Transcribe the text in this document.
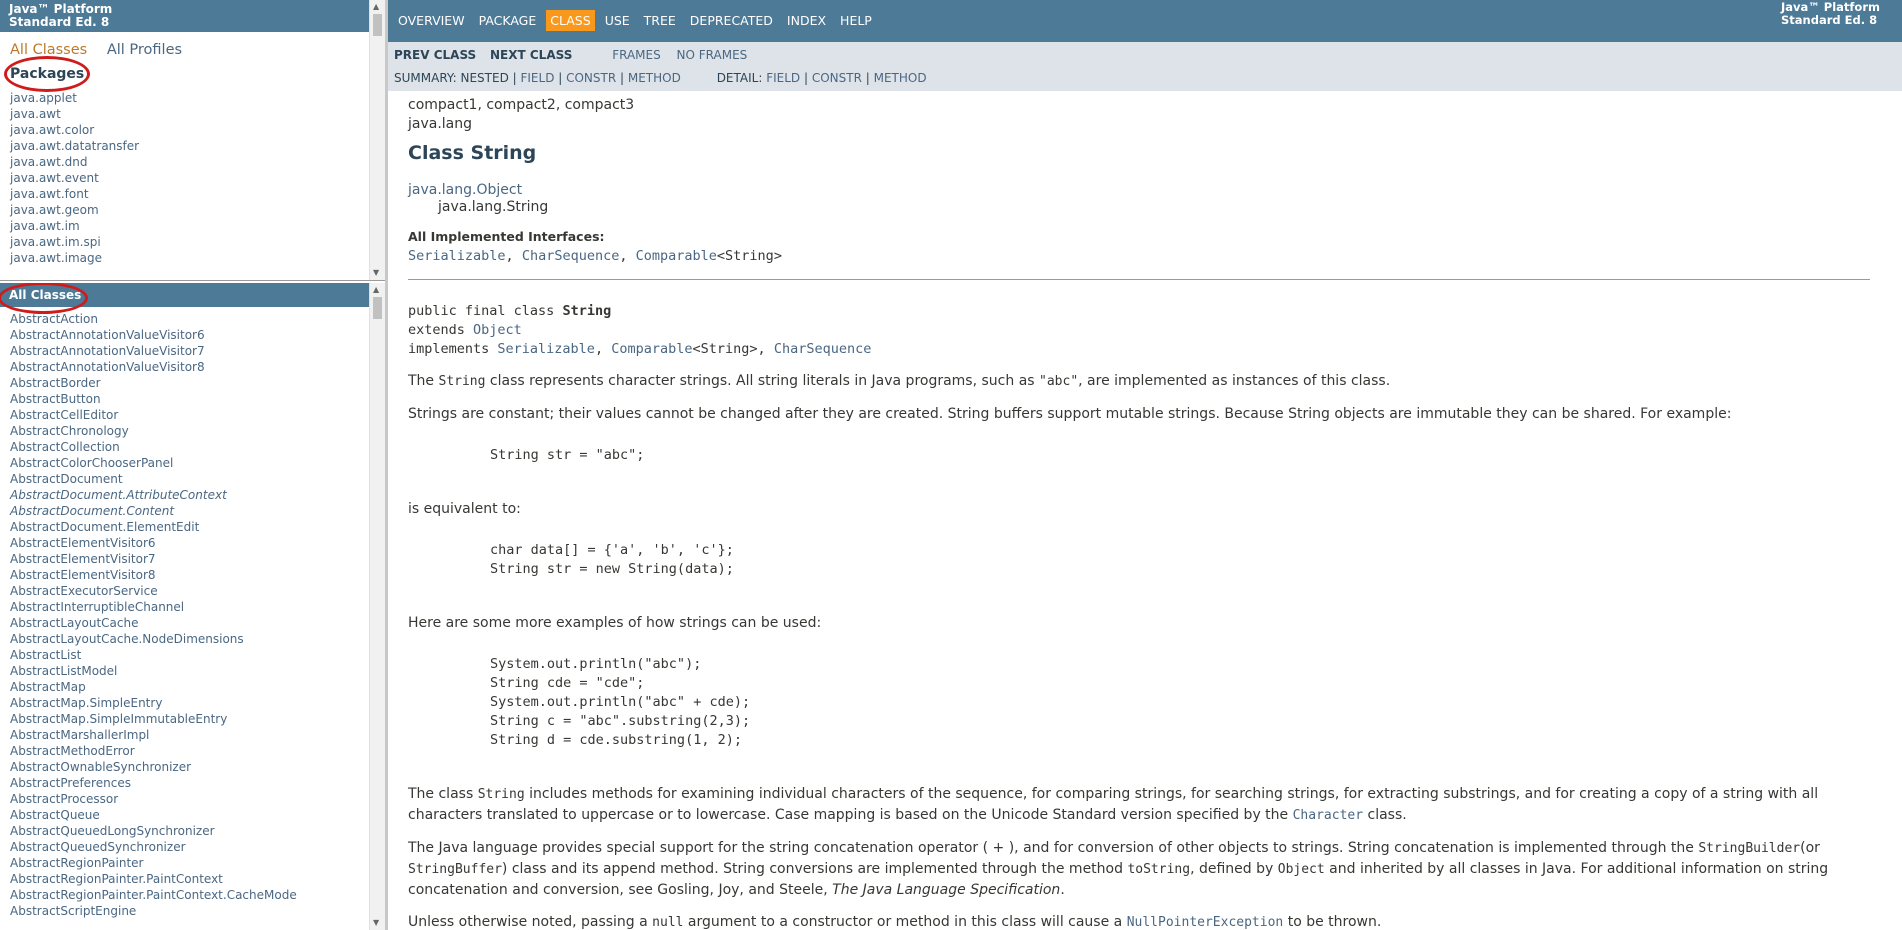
Java™ Platform
Standard Ed. 8
All Classes All Profiles
Packages
java.applet
java.awt
java.awt.color
java.awt.datatransfer
java.awt.dnd
java.awt.event
java.awt.font
java.awt.geom
java.awt.im
java.awt.im.spi
java.awt.image
▲
▼
All Classes
AbstractAction
AbstractAnnotationValueVisitor6
AbstractAnnotationValueVisitor7
AbstractAnnotationValueVisitor8
AbstractBorder
AbstractButton
AbstractCellEditor
AbstractChronology
AbstractCollection
AbstractColorChooserPanel
AbstractDocument
AbstractDocument.AttributeContext
AbstractDocument.Content
AbstractDocument.ElementEdit
AbstractElementVisitor6
AbstractElementVisitor7
AbstractElementVisitor8
AbstractExecutorService
AbstractInterruptibleChannel
AbstractLayoutCache
AbstractLayoutCache.NodeDimensions
AbstractList
AbstractListModel
AbstractMap
AbstractMap.SimpleEntry
AbstractMap.SimpleImmutableEntry
AbstractMarshallerImpl
AbstractMethodError
AbstractOwnableSynchronizer
AbstractPreferences
AbstractProcessor
AbstractQueue
AbstractQueuedLongSynchronizer
AbstractQueuedSynchronizer
AbstractRegionPainter
AbstractRegionPainter.PaintContext
AbstractRegionPainter.PaintContext.CacheMode
AbstractScriptEngine
▲
▼
OVERVIEW	PACKAGE	CLASS	USE	TREE	DEPRECATED	INDEX	HELP
Java™ Platform
Standard Ed. 8
PREV CLASS NEXT CLASS	FRAMES NO FRAMES
SUMMARY: NESTED | FIELD | CONSTR | METHOD	DETAIL: FIELD | CONSTR | METHOD
compact1, compact2, compact3
java.lang
Class String
java.lang.Object
java.lang.String
All Implemented Interfaces:
Serializable, CharSequence, Comparable<String>
public final class String
extends Object
implements Serializable, Comparable<String>, CharSequence

The String class represents character strings. All string literals in Java programs, such as "abc", are implemented as instances of this class.

Strings are constant; their values cannot be changed after they are created. String buffers support mutable strings. Because String objects are immutable they can be shared. For example:

String str = "abc";

is equivalent to:

char data[] = {'a', 'b', 'c'};
String str = new String(data);

Here are some more examples of how strings can be used:

System.out.println("abc");
String cde = "cde";
System.out.println("abc" + cde);
String c = "abc".substring(2,3);
String d = cde.substring(1, 2);

The class String includes methods for examining individual characters of the sequence, for comparing strings, for searching strings, for extracting substrings, and for creating a copy of a string with all characters translated to uppercase or to lowercase. Case mapping is based on the Unicode Standard version specified by the Character class.

The Java language provides special support for the string concatenation operator ( + ), and for conversion of other objects to strings. String concatenation is implemented through the StringBuilder(or StringBuffer) class and its append method. String conversions are implemented through the method toString, defined by Object and inherited by all classes in Java. For additional information on string concatenation and conversion, see Gosling, Joy, and Steele, The Java Language Specification.

Unless otherwise noted, passing a null argument to a constructor or method in this class will cause a NullPointerException to be thrown.
